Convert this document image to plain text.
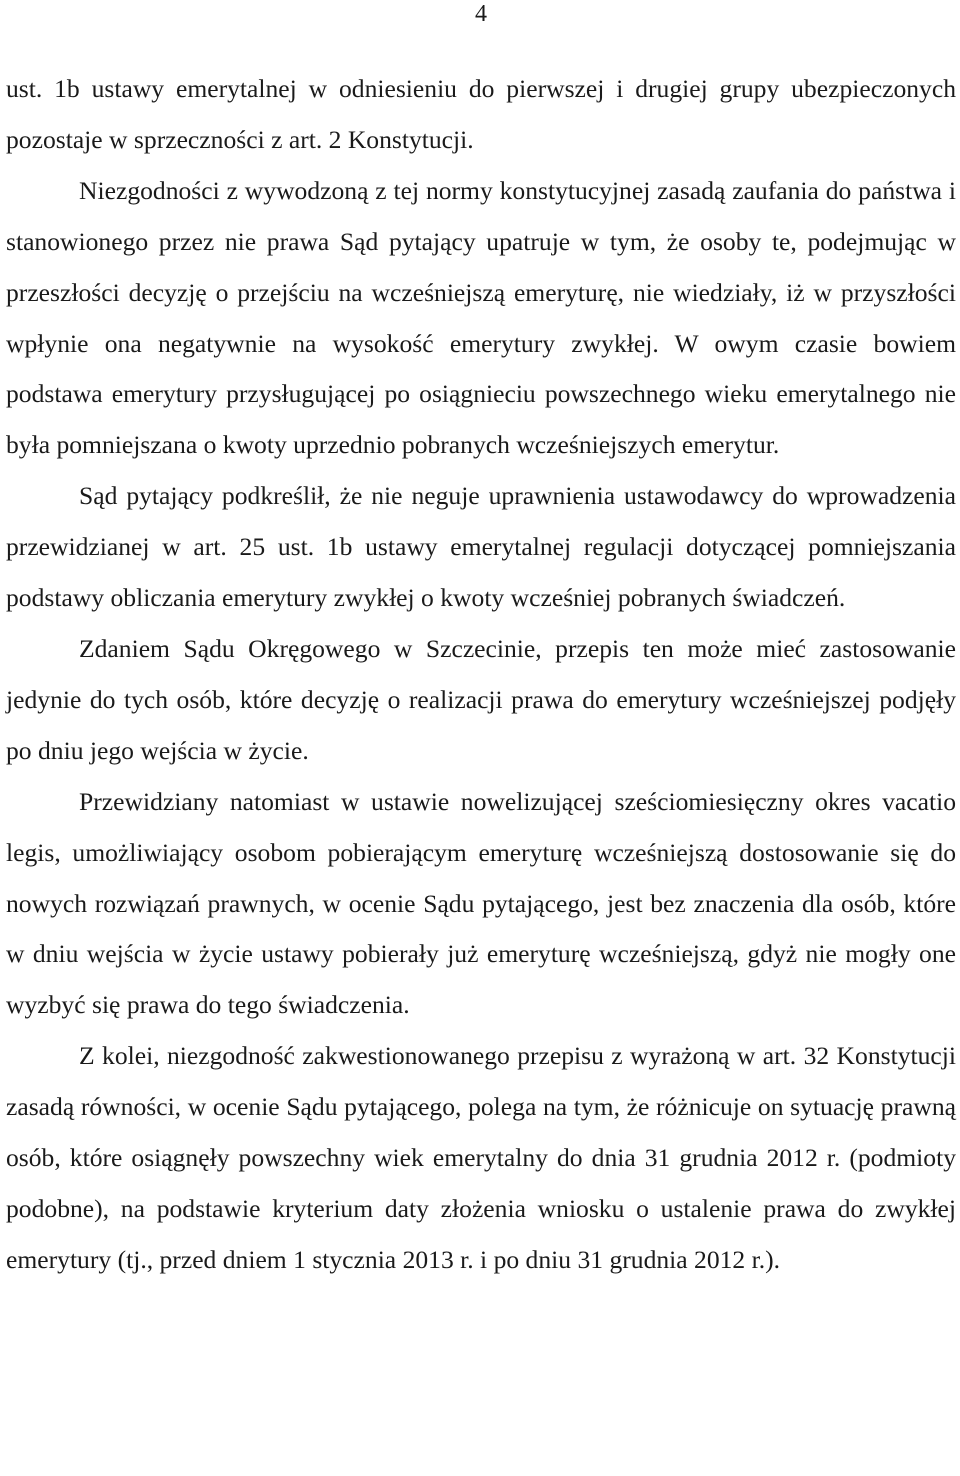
4

ust. 1b ustawy emerytalnej w odniesieniu do pierwszej i drugiej grupy ubezpieczonych pozostaje w sprzeczności z art. 2 Konstytucji.

Niezgodności z wywodzoną z tej normy konstytucyjnej zasadą zaufania do państwa i stanowionego przez nie prawa Sąd pytający upatruje w tym, że osoby te, podejmując w przeszłości decyzję o przejściu na wcześniejszą emeryturę, nie wiedziały, iż w przyszłości wpłynie ona negatywnie na wysokość emerytury zwykłej. W owym czasie bowiem podstawa emerytury przysługującej po osiągnieciu powszechnego wieku emerytalnego nie była pomniejszana o kwoty uprzednio pobranych wcześniejszych emerytur.

Sąd pytający podkreślił, że nie neguje uprawnienia ustawodawcy do wprowadzenia przewidzianej w art. 25 ust. 1b ustawy emerytalnej regulacji dotyczącej pomniejszania podstawy obliczania emerytury zwykłej o kwoty wcześniej pobranych świadczeń.

Zdaniem Sądu Okręgowego w Szczecinie, przepis ten może mieć zastosowanie jedynie do tych osób, które decyzję o realizacji prawa do emerytury wcześniejszej podjęły po dniu jego wejścia w życie.

Przewidziany natomiast w ustawie nowelizującej sześciomiesięczny okres vacatio legis, umożliwiający osobom pobierającym emeryturę wcześniejszą dostosowanie się do nowych rozwiązań prawnych, w ocenie Sądu pytającego, jest bez znaczenia dla osób, które w dniu wejścia w życie ustawy pobierały już emeryturę wcześniejszą, gdyż nie mogły one wyzbyć się prawa do tego świadczenia.

Z kolei, niezgodność zakwestionowanego przepisu z wyrażoną w art. 32 Konstytucji zasadą równości, w ocenie Sądu pytającego, polega na tym, że różnicuje on sytuację prawną osób, które osiągnęły powszechny wiek emerytalny do dnia 31 grudnia 2012 r. (podmioty podobne), na podstawie kryterium daty złożenia wniosku o ustalenie prawa do zwykłej emerytury (tj., przed dniem 1 stycznia 2013 r. i po dniu 31 grudnia 2012 r.).
